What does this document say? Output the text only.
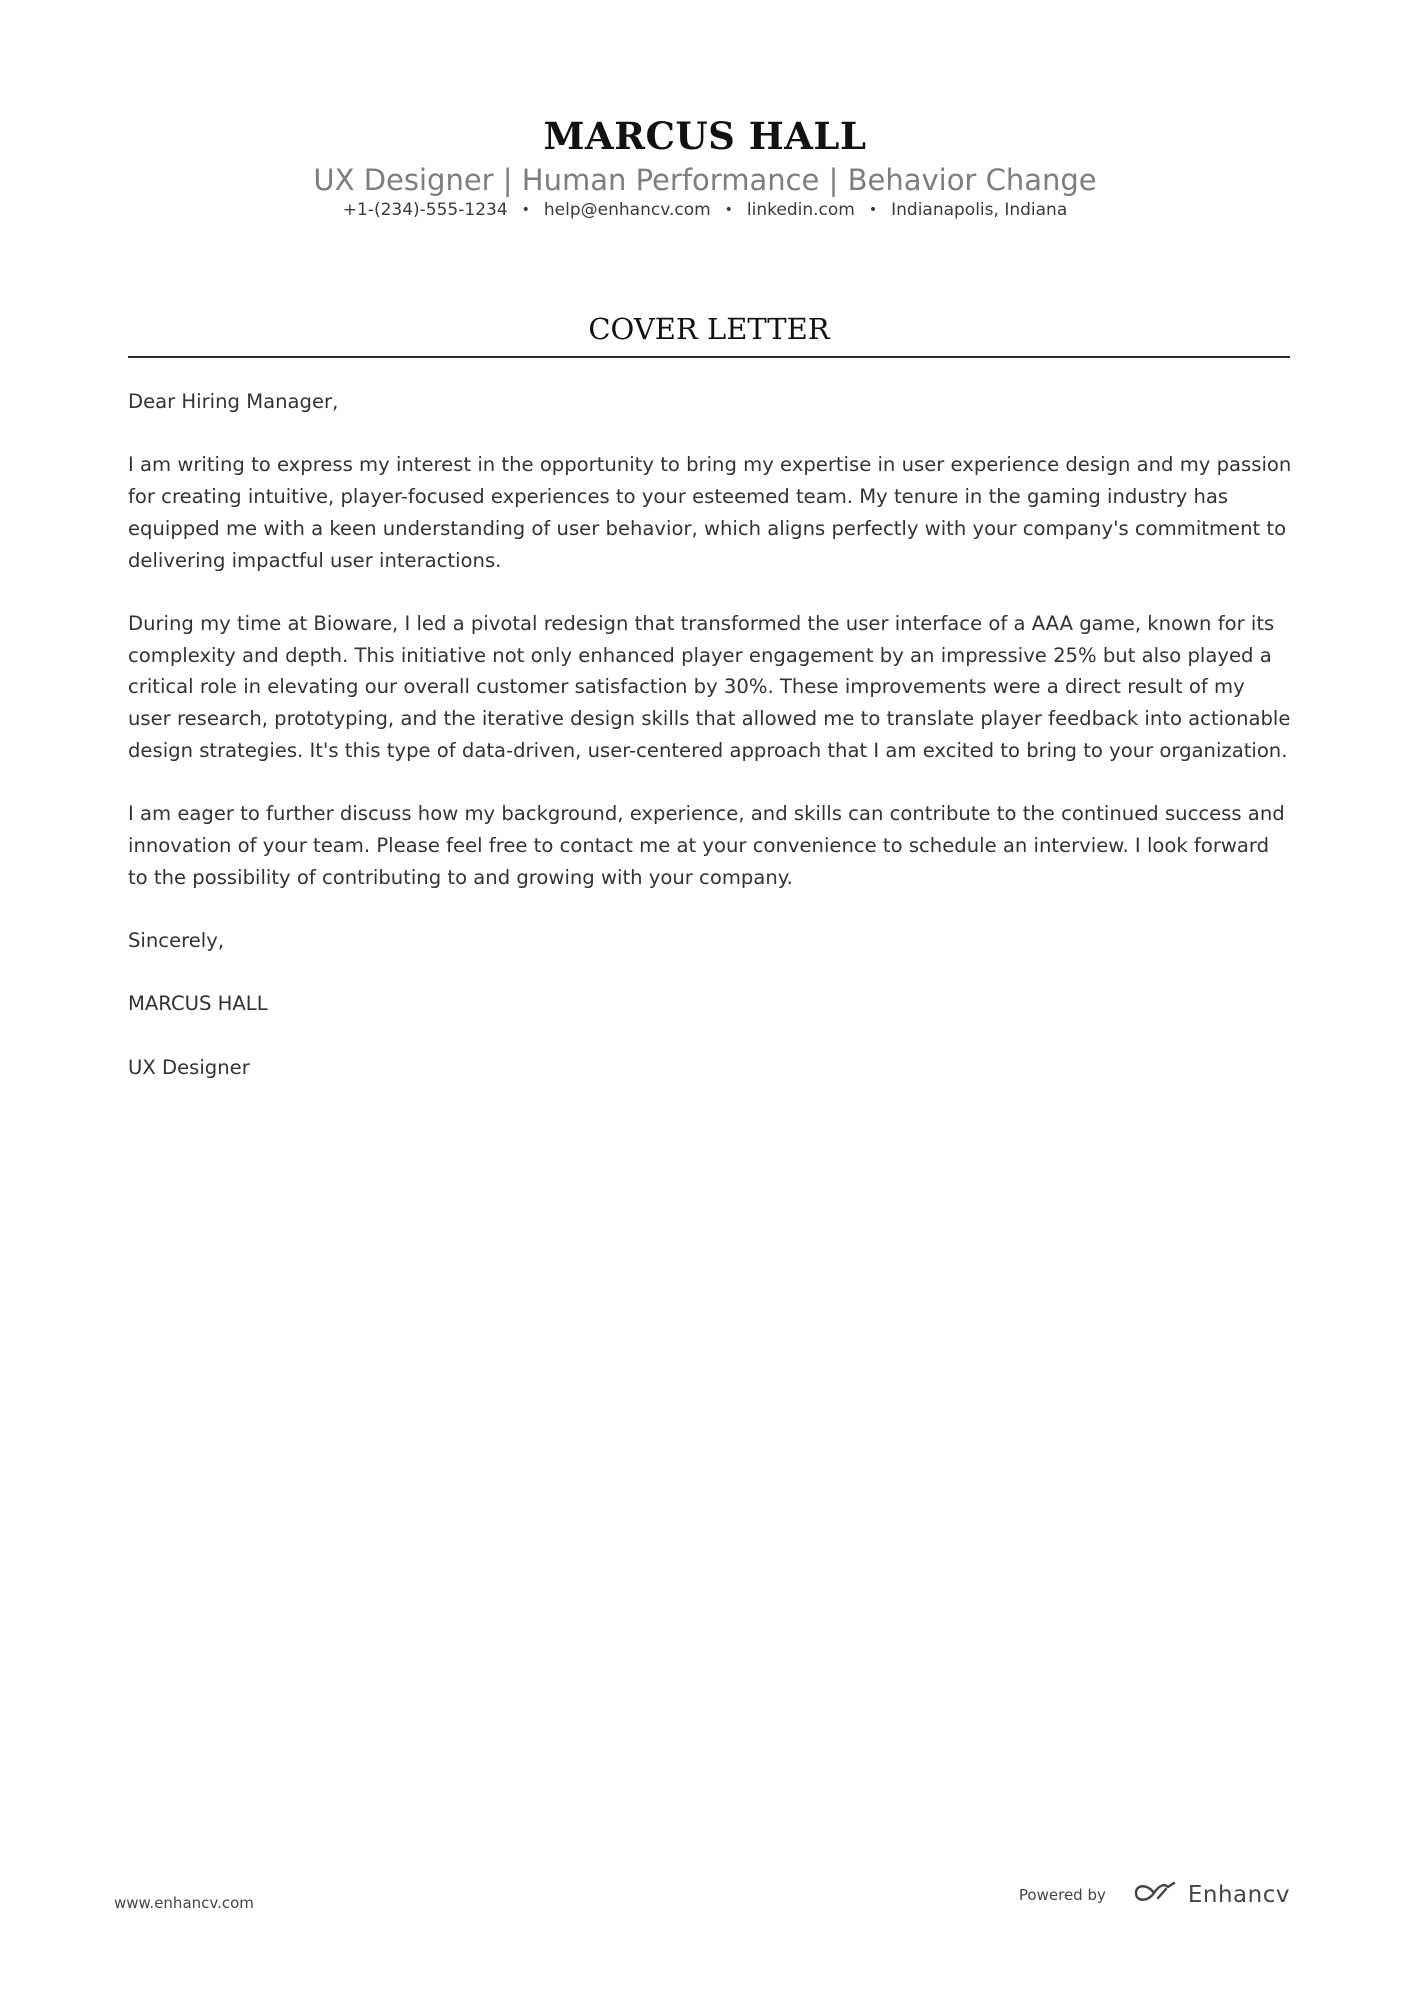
MARCUS HALL
UX Designer | Human Performance | Behavior Change
+1-(234)-555-1234 • help@enhancv.com • linkedin.com • Indianapolis, Indiana
COVER LETTER

Dear Hiring Manager,

I am writing to express my interest in the opportunity to bring my expertise in user experience design and my passion for creating intuitive, player-focused experiences to your esteemed team. My tenure in the gaming industry has equipped me with a keen understanding of user behavior, which aligns perfectly with your company's commitment to delivering impactful user interactions.

During my time at Bioware, I led a pivotal redesign that transformed the user interface of a AAA game, known for its complexity and depth. This initiative not only enhanced player engagement by an impressive 25% but also played a critical role in elevating our overall customer satisfaction by 30%. These improvements were a direct result of my user research, prototyping, and the iterative design skills that allowed me to translate player feedback into actionable design strategies. It's this type of data-driven, user-centered approach that I am excited to bring to your organization.

I am eager to further discuss how my background, experience, and skills can contribute to the continued success and innovation of your team. Please feel free to contact me at your convenience to schedule an interview. I look forward to the possibility of contributing to and growing with your company.

Sincerely,

MARCUS HALL

UX Designer

www.enhancv.com	Powered by	Enhancv
